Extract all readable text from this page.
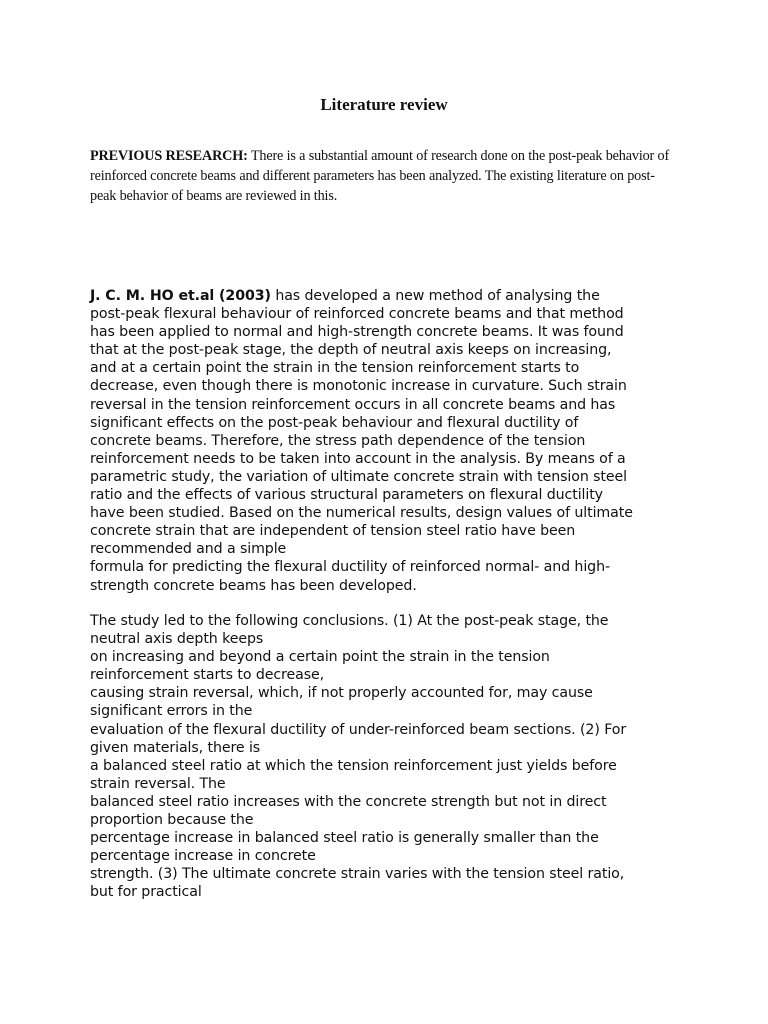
Literature review
PREVIOUS RESEARCH: There is a substantial amount of research done on the post-peak behavior of reinforced concrete beams and different parameters has been analyzed. The existing literature on post-peak behavior of beams are reviewed in this.
J. C. M. HO et.al (2003) has developed a new method of analysing the
post-peak flexural behaviour of reinforced concrete beams and that method
has been applied to normal and high-strength concrete beams. It was found
that at the post-peak stage, the depth of neutral axis keeps on increasing,
and at a certain point the strain in the tension reinforcement starts to
decrease, even though there is monotonic increase in curvature. Such strain
reversal in the tension reinforcement occurs in all concrete beams and has
significant effects on the post-peak behaviour and flexural ductility of
concrete beams. Therefore, the stress path dependence of the tension
reinforcement needs to be taken into account in the analysis. By means of a
parametric study, the variation of ultimate concrete strain with tension steel
ratio and the effects of various structural parameters on flexural ductility
have been studied. Based on the numerical results, design values of ultimate
concrete strain that are independent of tension steel ratio have been
recommended and a simple
formula for predicting the flexural ductility of reinforced normal- and high-
strength concrete beams has been developed.
The study led to the following conclusions. (1) At the post-peak stage, the
neutral axis depth keeps
on increasing and beyond a certain point the strain in the tension
reinforcement starts to decrease,
causing strain reversal, which, if not properly accounted for, may cause
significant errors in the
evaluation of the flexural ductility of under-reinforced beam sections. (2) For
given materials, there is
a balanced steel ratio at which the tension reinforcement just yields before
strain reversal. The
balanced steel ratio increases with the concrete strength but not in direct
proportion because the
percentage increase in balanced steel ratio is generally smaller than the
percentage increase in concrete
strength. (3) The ultimate concrete strain varies with the tension steel ratio,
but for practical
